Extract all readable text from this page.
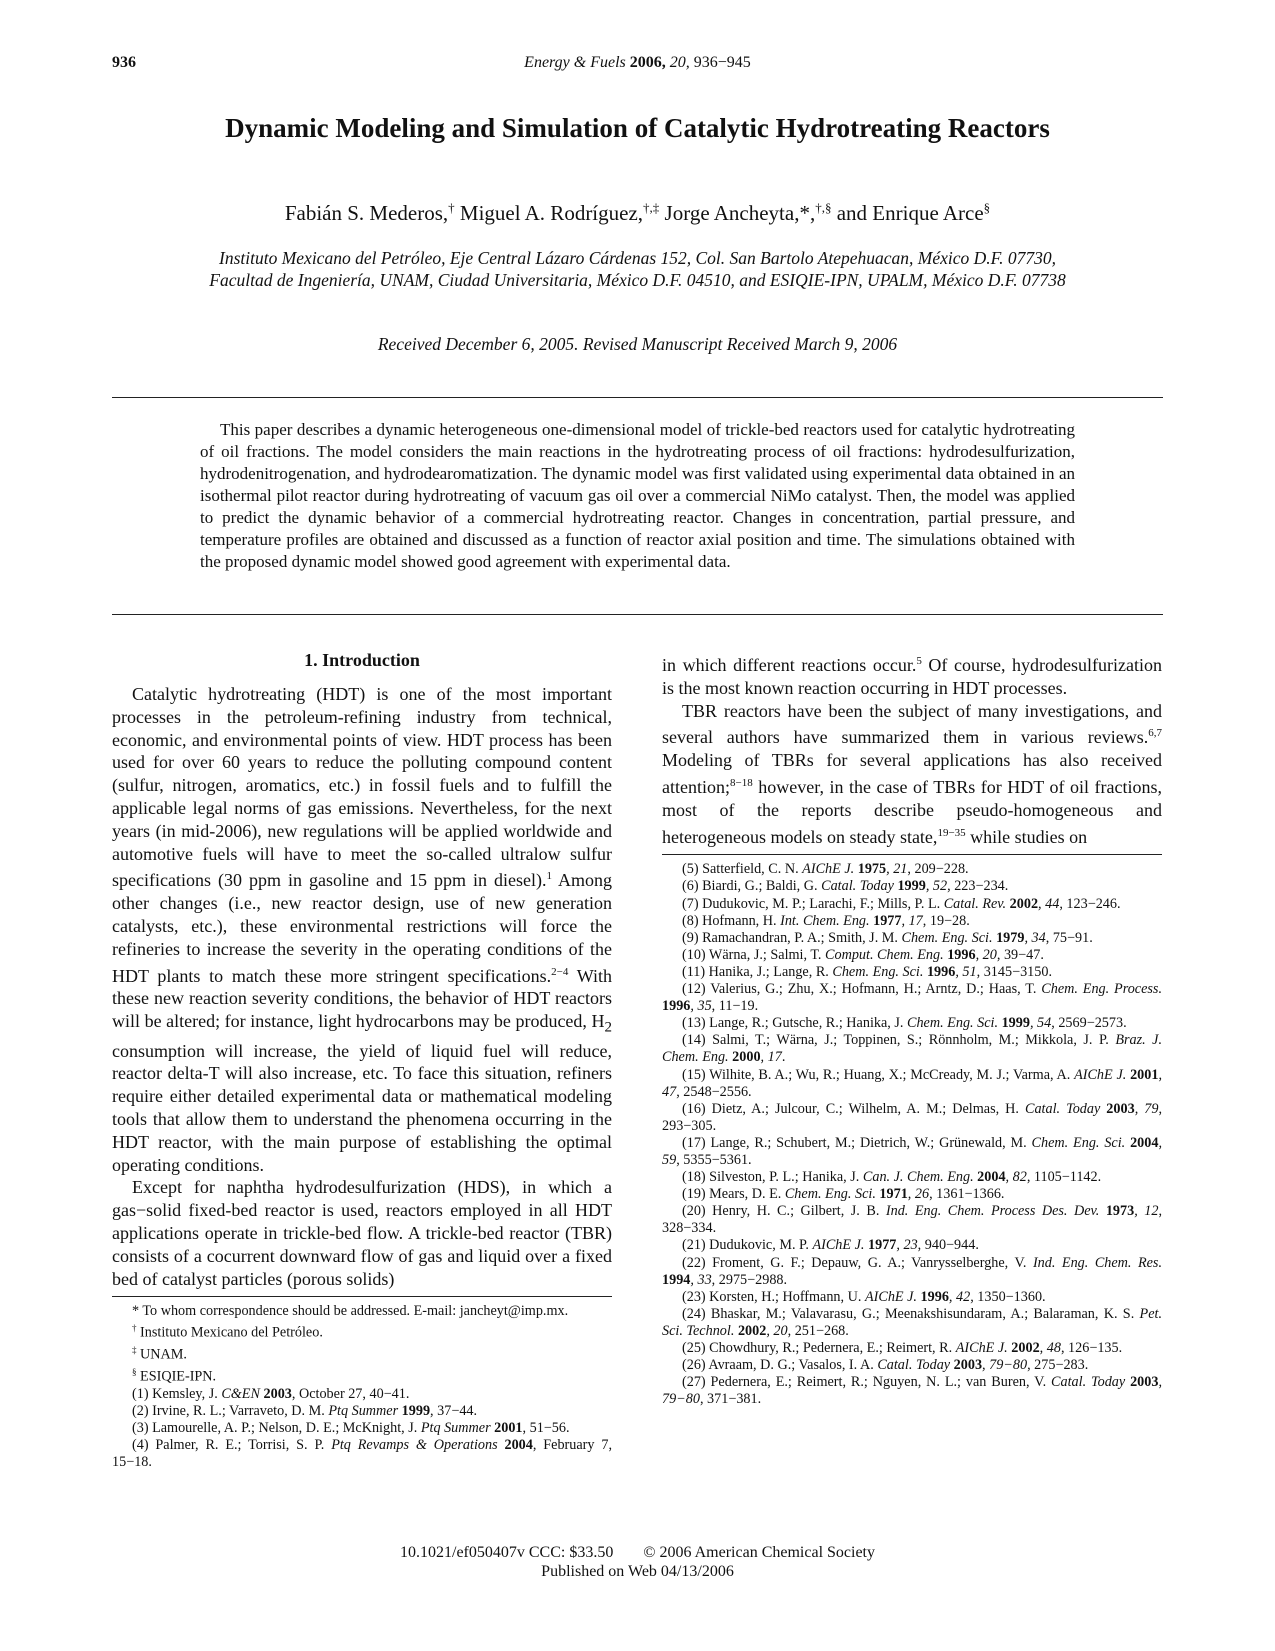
936	Energy & Fuels 2006, 20, 936−945
Dynamic Modeling and Simulation of Catalytic Hydrotreating Reactors
Fabián S. Mederos,† Miguel A. Rodríguez,†,‡ Jorge Ancheyta,*,†,§ and Enrique Arce§
Instituto Mexicano del Petróleo, Eje Central Lázaro Cárdenas 152, Col. San Bartolo Atepehuacan, México D.F. 07730, Facultad de Ingeniería, UNAM, Ciudad Universitaria, México D.F. 04510, and ESIQIE-IPN, UPALM, México D.F. 07738
Received December 6, 2005. Revised Manuscript Received March 9, 2006
This paper describes a dynamic heterogeneous one-dimensional model of trickle-bed reactors used for catalytic hydrotreating of oil fractions. The model considers the main reactions in the hydrotreating process of oil fractions: hydrodesulfurization, hydrodenitrogenation, and hydrodearomatization. The dynamic model was first validated using experimental data obtained in an isothermal pilot reactor during hydrotreating of vacuum gas oil over a commercial NiMo catalyst. Then, the model was applied to predict the dynamic behavior of a commercial hydrotreating reactor. Changes in concentration, partial pressure, and temperature profiles are obtained and discussed as a function of reactor axial position and time. The simulations obtained with the proposed dynamic model showed good agreement with experimental data.
1. Introduction

Catalytic hydrotreating (HDT) is one of the most important processes in the petroleum-refining industry from technical, economic, and environmental points of view. HDT process has been used for over 60 years to reduce the polluting compound content (sulfur, nitrogen, aromatics, etc.) in fossil fuels and to fulfill the applicable legal norms of gas emissions. Nevertheless, for the next years (in mid-2006), new regulations will be applied worldwide and automotive fuels will have to meet the so-called ultralow sulfur specifications (30 ppm in gasoline and 15 ppm in diesel).$^1$ Among other changes (i.e., new reactor design, use of new generation catalysts, etc.), these environmental restrictions will force the refineries to increase the severity in the operating conditions of the HDT plants to match these more stringent specifications.$^{2-4}$ With these new reaction severity conditions, the behavior of HDT reactors will be altered; for instance, light hydrocarbons may be produced, $H_2$ consumption will increase, the yield of liquid fuel will reduce, reactor delta-T will also increase, etc. To face this situation, refiners require either detailed experimental data or mathematical modeling tools that allow them to understand the phenomena occurring in the HDT reactor, with the main purpose of establishing the optimal operating conditions.

Except for naphtha hydrodesulfurization (HDS), in which a gas−solid fixed-bed reactor is used, reactors employed in all HDT applications operate in trickle-bed flow. A trickle-bed reactor (TBR) consists of a cocurrent downward flow of gas and liquid over a fixed bed of catalyst particles (porous solids)

* To whom correspondence should be addressed. E-mail: jancheyt@imp.mx.

† Instituto Mexicano del Petróleo.

‡ UNAM.

§ ESIQIE-IPN.

(1) Kemsley, J. C&EN 2003, October 27, 40−41.

(2) Irvine, R. L.; Varraveto, D. M. Ptq Summer 1999, 37−44.

(3) Lamourelle, A. P.; Nelson, D. E.; McKnight, J. Ptq Summer 2001, 51−56.

(4) Palmer, R. E.; Torrisi, S. P. Ptq Revamps & Operations 2004, February 7, 15−18.

in which different reactions occur.$^5$ Of course, hydrodesulfurization is the most known reaction occurring in HDT processes.

TBR reactors have been the subject of many investigations, and several authors have summarized them in various reviews.$^{6,7}$ Modeling of TBRs for several applications has also received attention;$^{8-18}$ however, in the case of TBRs for HDT of oil fractions, most of the reports describe pseudo-homogeneous and heterogeneous models on steady state,$^{19-35}$ while studies on

(5) Satterfield, C. N. AIChE J. 1975, 21, 209−228.

(6) Biardi, G.; Baldi, G. Catal. Today 1999, 52, 223−234.

(7) Dudukovic, M. P.; Larachi, F.; Mills, P. L. Catal. Rev. 2002, 44, 123−246.

(8) Hofmann, H. Int. Chem. Eng. 1977, 17, 19−28.

(9) Ramachandran, P. A.; Smith, J. M. Chem. Eng. Sci. 1979, 34, 75−91.

(10) Wärna, J.; Salmi, T. Comput. Chem. Eng. 1996, 20, 39−47.

(11) Hanika, J.; Lange, R. Chem. Eng. Sci. 1996, 51, 3145−3150.

(12) Valerius, G.; Zhu, X.; Hofmann, H.; Arntz, D.; Haas, T. Chem. Eng. Process. 1996, 35, 11−19.

(13) Lange, R.; Gutsche, R.; Hanika, J. Chem. Eng. Sci. 1999, 54, 2569−2573.

(14) Salmi, T.; Wärna, J.; Toppinen, S.; Rönnholm, M.; Mikkola, J. P. Braz. J. Chem. Eng. 2000, 17.

(15) Wilhite, B. A.; Wu, R.; Huang, X.; McCready, M. J.; Varma, A. AIChE J. 2001, 47, 2548−2556.

(16) Dietz, A.; Julcour, C.; Wilhelm, A. M.; Delmas, H. Catal. Today 2003, 79, 293−305.

(17) Lange, R.; Schubert, M.; Dietrich, W.; Grünewald, M. Chem. Eng. Sci. 2004, 59, 5355−5361.

(18) Silveston, P. L.; Hanika, J. Can. J. Chem. Eng. 2004, 82, 1105−1142.

(19) Mears, D. E. Chem. Eng. Sci. 1971, 26, 1361−1366.

(20) Henry, H. C.; Gilbert, J. B. Ind. Eng. Chem. Process Des. Dev. 1973, 12, 328−334.

(21) Dudukovic, M. P. AIChE J. 1977, 23, 940−944.

(22) Froment, G. F.; Depauw, G. A.; Vanrysselberghe, V. Ind. Eng. Chem. Res. 1994, 33, 2975−2988.

(23) Korsten, H.; Hoffmann, U. AIChE J. 1996, 42, 1350−1360.

(24) Bhaskar, M.; Valavarasu, G.; Meenakshisundaram, A.; Balaraman, K. S. Pet. Sci. Technol. 2002, 20, 251−268.

(25) Chowdhury, R.; Pedernera, E.; Reimert, R. AIChE J. 2002, 48, 126−135.

(26) Avraam, D. G.; Vasalos, I. A. Catal. Today 2003, 79−80, 275−283.

(27) Pedernera, E.; Reimert, R.; Nguyen, N. L.; van Buren, V. Catal. Today 2003, 79−80, 371−381.

10.1021/ef050407v CCC: $33.50 © 2006 American Chemical Society
Published on Web 04/13/2006
